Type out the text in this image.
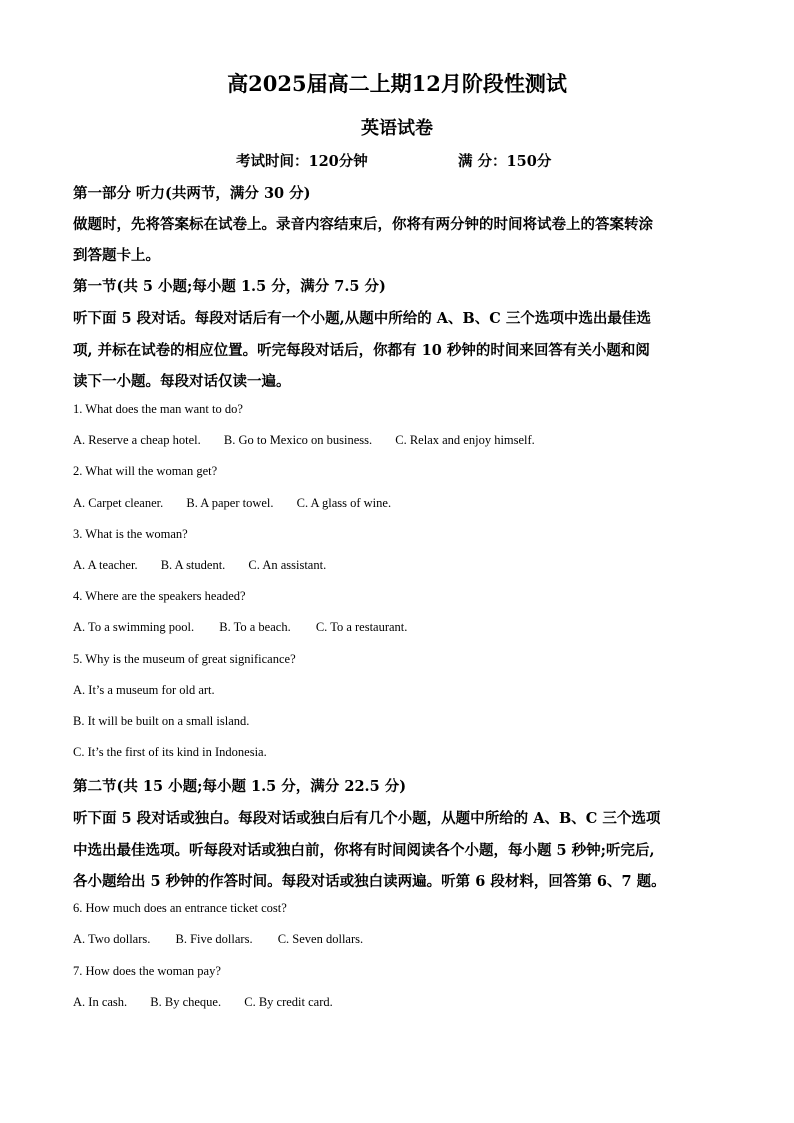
高2025届高二上期12月阶段性测试
英语试卷
考试时间：120分钟	满 分：150分
第一部分 听力(共两节，满分 30 分)
做题时，先将答案标在试卷上。录音内容结束后，你将有两分钟的时间将试卷上的答案转涂
到答题卡上。
第一节(共 5 小题;每小题 1.5 分，满分 7.5 分)
听下面 5 段对话。每段对话后有一个小题,从题中所给的 A、B、C 三个选项中选出最佳选
项, 并标在试卷的相应位置。听完每段对话后，你都有 10 秒钟的时间来回答有关小题和阅
读下一小题。每段对话仅读一遍。
1. What does the man want to do?
A. Reserve a cheap hotel. B. Go to Mexico on business. C. Relax and enjoy himself.
2. What will the woman get?
A. Carpet cleaner. B. A paper towel. C. A glass of wine.
3. What is the woman?
A. A teacher. B. A student. C. An assistant.
4. Where are the speakers headed?
A. To a swimming pool. B. To a beach. C. To a restaurant.
5. Why is the museum of great significance?
A. It’s a museum for old art.
B. It will be built on a small island.
C. It’s the first of its kind in Indonesia.
第二节(共 15 小题;每小题 1.5 分，满分 22.5 分)
听下面 5 段对话或独白。每段对话或独白后有几个小题，从题中所给的 A、B、C 三个选项
中选出最佳选项。听每段对话或独白前，你将有时间阅读各个小题，每小题 5 秒钟;听完后,
各小题给出 5 秒钟的作答时间。每段对话或独白读两遍。听第 6 段材料，回答第 6、7 题。
6. How much does an entrance ticket cost?
A. Two dollars. B. Five dollars. C. Seven dollars.
7. How does the woman pay?
A. In cash. B. By cheque. C. By credit card.
